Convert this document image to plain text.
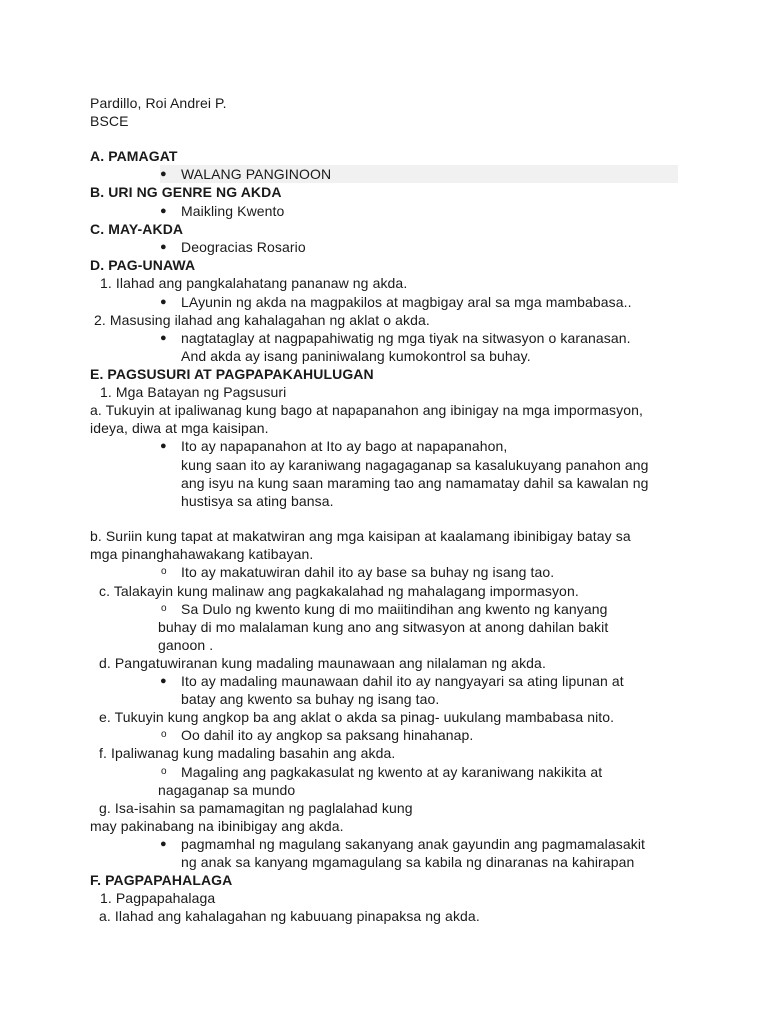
Pardillo, Roi Andrei P.
BSCE
A. PAMAGAT
● WALANG PANGINOON
B. URI NG GENRE NG AKDA
● Maikling Kwento
C. MAY-AKDA
● Deogracias Rosario
D. PAG-UNAWA
1. Ilahad ang pangkalahatang pananaw ng akda.
● LAyunin ng akda na magpakilos at magbigay aral sa mga mambabasa..
2. Masusing ilahad ang kahalagahan ng aklat o akda.
● nagtataglay at nagpapahiwatig ng mga tiyak na sitwasyon o karanasan.
And akda ay isang paniniwalang kumokontrol sa buhay.
E. PAGSUSURI AT PAGPAPAKAHULUGAN
1. Mga Batayan ng Pagsusuri
a. Tukuyin at ipaliwanag kung bago at napapanahon ang ibinigay na mga impormasyon,
ideya, diwa at mga kaisipan.
● Ito ay napapanahon at Ito ay bago at napapanahon,
kung saan ito ay karaniwang nagagaganap sa kasalukuyang panahon ang
ang isyu na kung saan maraming tao ang namamatay dahil sa kawalan ng
hustisya sa ating bansa.
b. Suriin kung tapat at makatwiran ang mga kaisipan at kaalamang ibinibigay batay sa
mga pinanghahawakang katibayan.
o Ito ay makatuwiran dahil ito ay base sa buhay ng isang tao.
c. Talakayin kung malinaw ang pagkakalahad ng mahalagang impormasyon.
o Sa Dulo ng kwento kung di mo maiitindihan ang kwento ng kanyang
buhay di mo malalaman kung ano ang sitwasyon at anong dahilan bakit
ganoon .
d. Pangatuwiranan kung madaling maunawaan ang nilalaman ng akda.
● Ito ay madaling maunawaan dahil ito ay nangyayari sa ating lipunan at
batay ang kwento sa buhay ng isang tao.
e. Tukuyin kung angkop ba ang aklat o akda sa pinag- uukulang mambabasa nito.
o Oo dahil ito ay angkop sa paksang hinahanap.
f. Ipaliwanag kung madaling basahin ang akda.
o Magaling ang pagkakasulat ng kwento at ay karaniwang nakikita at
nagaganap sa mundo
g. Isa-isahin sa pamamagitan ng paglalahad kung
may pakinabang na ibinibigay ang akda.
● pagmamhal ng magulang sakanyang anak gayundin ang pagmamalasakit
ng anak sa kanyang mgamagulang sa kabila ng dinaranas na kahirapan
F. PAGPAPAHALAGA
1. Pagpapahalaga
a. Ilahad ang kahalagahan ng kabuuang pinapaksa ng akda.
